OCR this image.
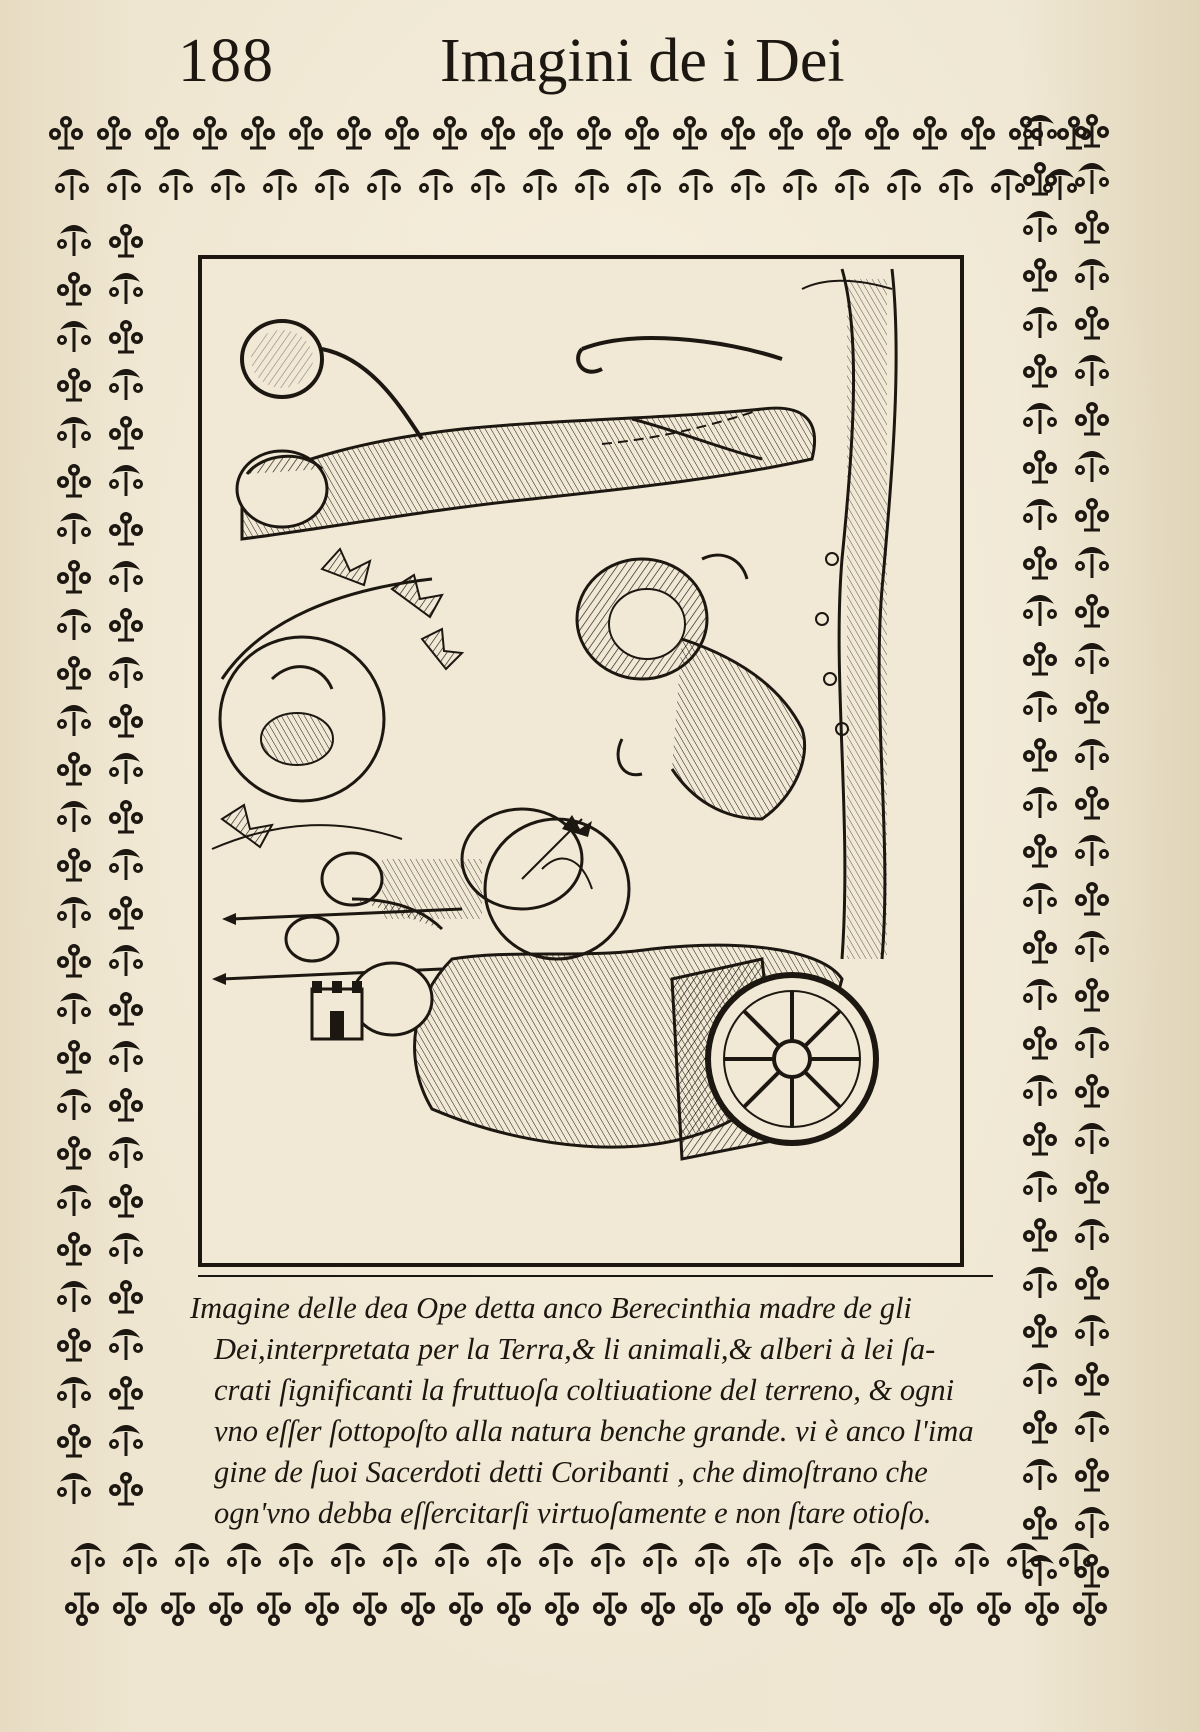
188	Imagini de i Dei
Imagine delle dea Ope detta anco Berecinthia madre de gli
Dei,interpretata per la Terra,& li animali,& alberi à lei ſa-
crati ſignificanti la fruttuoſa coltiuatione del terreno, & ogni
vno eſſer ſottopoſto alla natura benche grande. vi è anco l'ima
gine de ſuoi Sacerdoti detti Coribanti , che dimoſtrano che
ogn'vno debba eſſercitarſi virtuoſamente e non ſtare otioſo.
